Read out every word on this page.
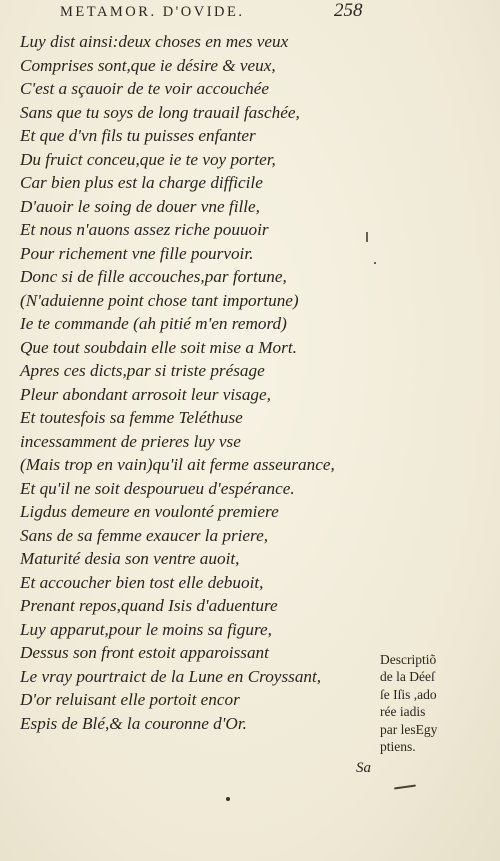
METAMOR. D'OVIDE.	258
Luy dist ainsi:deux choses en mes veux
Comprises sont,que ie désire & veux,
C'est a sçauoir de te voir accouchée
Sans que tu soys de long trauail faschée,
Et que d'vn fils tu puisses enfanter
Du fruict conceu,que ie te voy porter,
Car bien plus est la charge difficile
D'auoir le soing de douer vne fille,
Et nous n'auons assez riche pouuoir
Pour richement vne fille pourvoir.
Donc si de fille accouches,par fortune,
(N'aduienne point chose tant importune)
Ie te commande (ah pitié m'en remord)
Que tout soubdain elle soit mise a Mort.
Apres ces dicts,par si triste présage
Pleur abondant arrosoit leur visage,
Et toutesfois sa femme Teléthuse
incessamment de prieres luy vse
(Mais trop en vain)qu'il ait ferme asseurance,
Et qu'il ne soit despourueu d'espérance.
Ligdus demeure en voulonté premiere
Sans de sa femme exaucer la priere,
Maturité desia son ventre auoit,
Et accoucher bien tost elle debuoit,
Prenant repos,quand Isis d'aduenture
Luy apparut,pour le moins sa figure,
Dessus son front estoit apparoissant
Le vray pourtraict de la Lune en Croyssant,
D'or reluisant elle portoit encor
Espis de Blé,& la couronne d'Or.
Descriptiõ
de la Déeſ
ſe Iſis ,ado
rée iadis
par lesEgy
ptiens.
Sa
